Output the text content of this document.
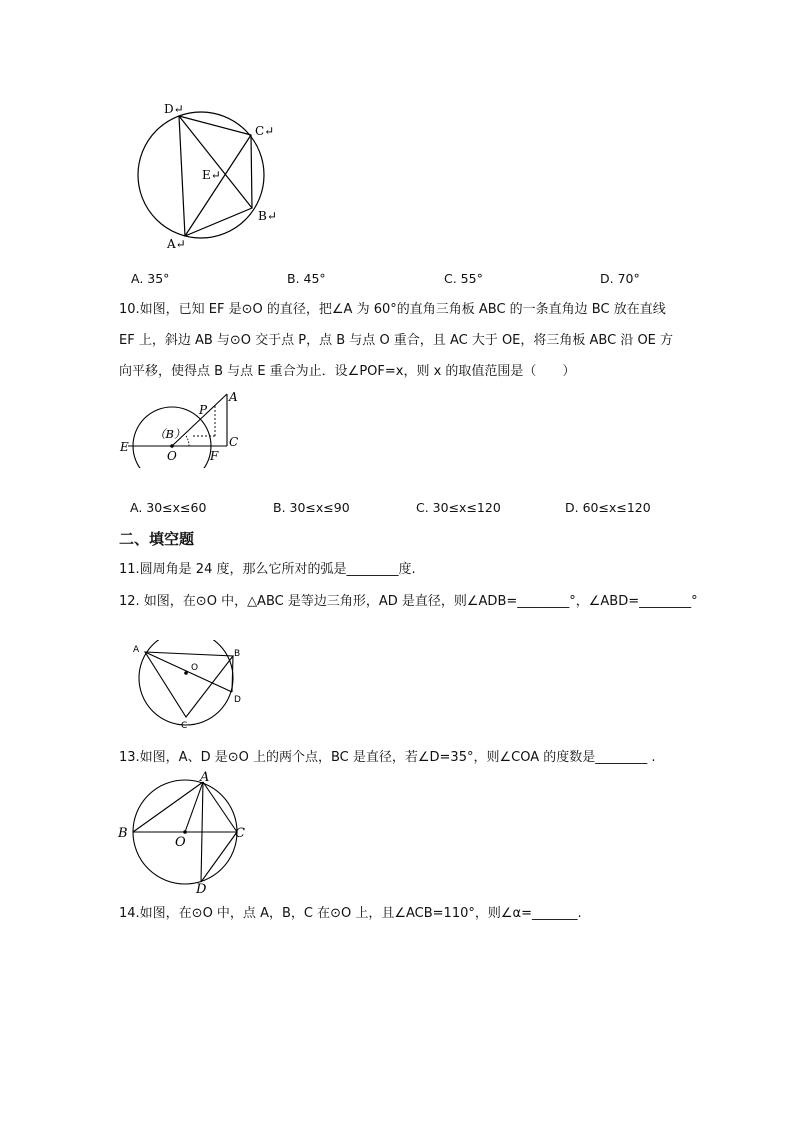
D↵
C↵
E↵
B↵
A↵
A. 35°	B. 45°	C. 55°	D. 70°
10.如图，已知 EF 是⊙O 的直径，把∠A 为 60°的直角三角板 ABC 的一条直角边 BC 放在直线
EF 上，斜边 AB 与⊙O 交于点 P，点 B 与点 O 重合，且 AC 大于 OE，将三角板 ABC 沿 OE 方
向平移，使得点 B 与点 E 重合为止．设∠POF=x，则 x 的取值范围是（　　）
A
P
（B）
C
E
O	F
A. 30≤x≤60	B. 30≤x≤90	C. 30≤x≤120	D. 60≤x≤120
二、填空题
11.圆周角是 24 度，那么它所对的弧是________度.
12. 如图，在⊙O 中，△ABC 是等边三角形，AD 是直径，则∠ADB=________°，∠ABD=________°
A	B
O
D
C
13.如图，A、D 是⊙O 上的两个点，BC 是直径，若∠D=35°，则∠COA 的度数是________ .
A
B
O
C
D
14.如图，在⊙O 中，点 A，B，C 在⊙O 上，且∠ACB=110°，则∠α=_______.
